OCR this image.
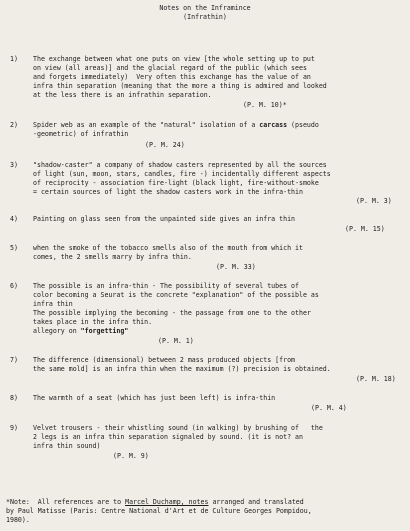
Notes on the Inframince
(Infrathin)
1) The exchange between what one puts on view [the whole setting up to put
on view (all areas)] and the glacial regard of the public (which sees
and forgets immediately)  Very often this exchange has the value of an
infra thin separation (meaning that the more a thing is admired and looked
at the less there is an infrathin separation.
(P. M. 10)*
2) Spider web as an example of the "natural" isolation of a carcass (pseudo
-geometric) of infrathin
(P. M. 24)
3) "shadow-caster" a company of shadow casters represented by all the sources
of light (sun, moon, stars, candles, fire -) incidentally different aspects
of reciprocity - association fire-light (black light, fire-without-smoke
= certain sources of light the shadow casters work in the infra-thin
(P. M. 3)
4) Painting on glass seen from the unpainted side gives an infra thin
(P. M. 15)
5) when the smoke of the tobacco smells also of the mouth from which it
comes, the 2 smells marry by infra thin.
(P. M. 33)
6) The possible is an infra-thin - The possibility of several tubes of
color becoming a Seurat is the concrete "explanation" of the possible as
infra thin
The possible implying the becoming - the passage from one to the other
takes place in the infra thin.
allegory on "forgetting"
(P. M. 1)
7) The difference (dimensional) between 2 mass produced objects [from
the same mold] is an infra thin when the maximum (?) precision is obtained.
(P. M. 18)
8) The warmth of a seat (which has just been left) is infra-thin
(P. M. 4)
9) Velvet trousers - their whistling sound (in walking) by brushing of   the
2 legs is an infra thin separation signaled by sound. (it is not? an
infra thin sound)
(P. M. 9)
*Note:  All references are to Marcel Duchamp, notes arranged and translated
by Paul Matisse (Paris: Centre National d'Art et de Culture Georges Pompidou,
1980).
